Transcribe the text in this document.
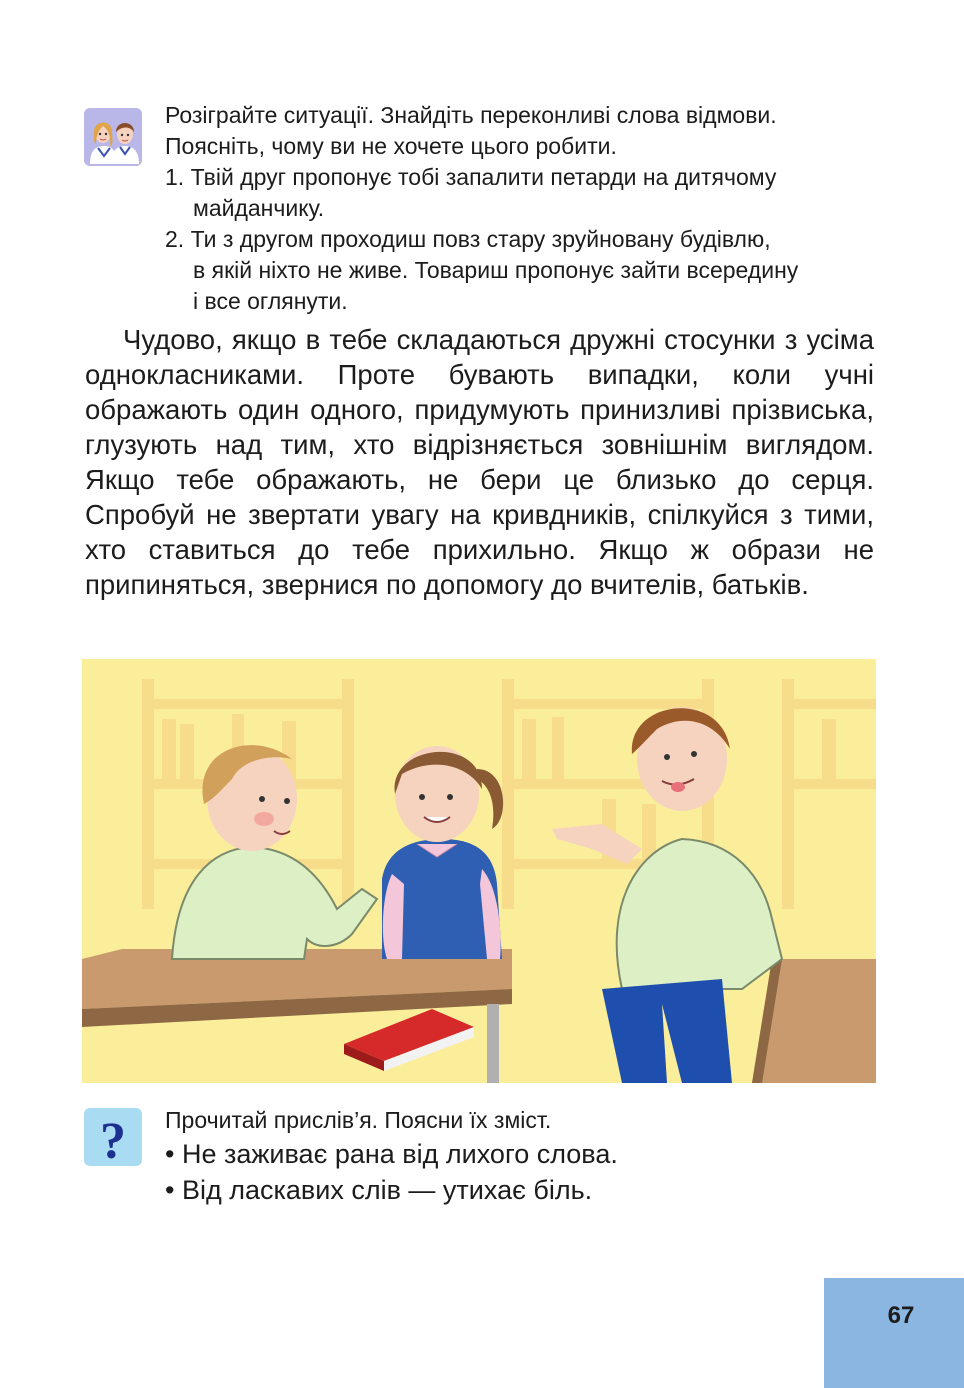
Розіграйте ситуації. Знайдіть переконливі слова відмови.
Поясніть, чому ви не хочете цього робити.
1. Твій друг пропонує тобі запалити петарди на дитячому
майданчику.
2. Ти з другом проходиш повз стару зруйновану будівлю,
в якій ніхто не живе. Товариш пропонує зайти всередину
і все оглянути.

Чудово, якщо в тебе складаються дружні стосунки з усіма однокласниками. Проте бувають випадки, коли учні ображають один одного, придумують принизливі прізвиська, глузують над тим, хто відрізняється зовнішнім виглядом. Якщо тебе ображають, не бери це близько до серця. Спробуй не звертати увагу на кривдників, спілкуйся з тими, хто ставиться до тебе прихильно. Якщо ж образи не припиняться, звернися по допомогу до вчителів, батьків.

? Прочитай прислів’я. Поясни їх зміст.
• Не заживає рана від лихого слова.
• Від ласкавих слів — утихає біль.
67
